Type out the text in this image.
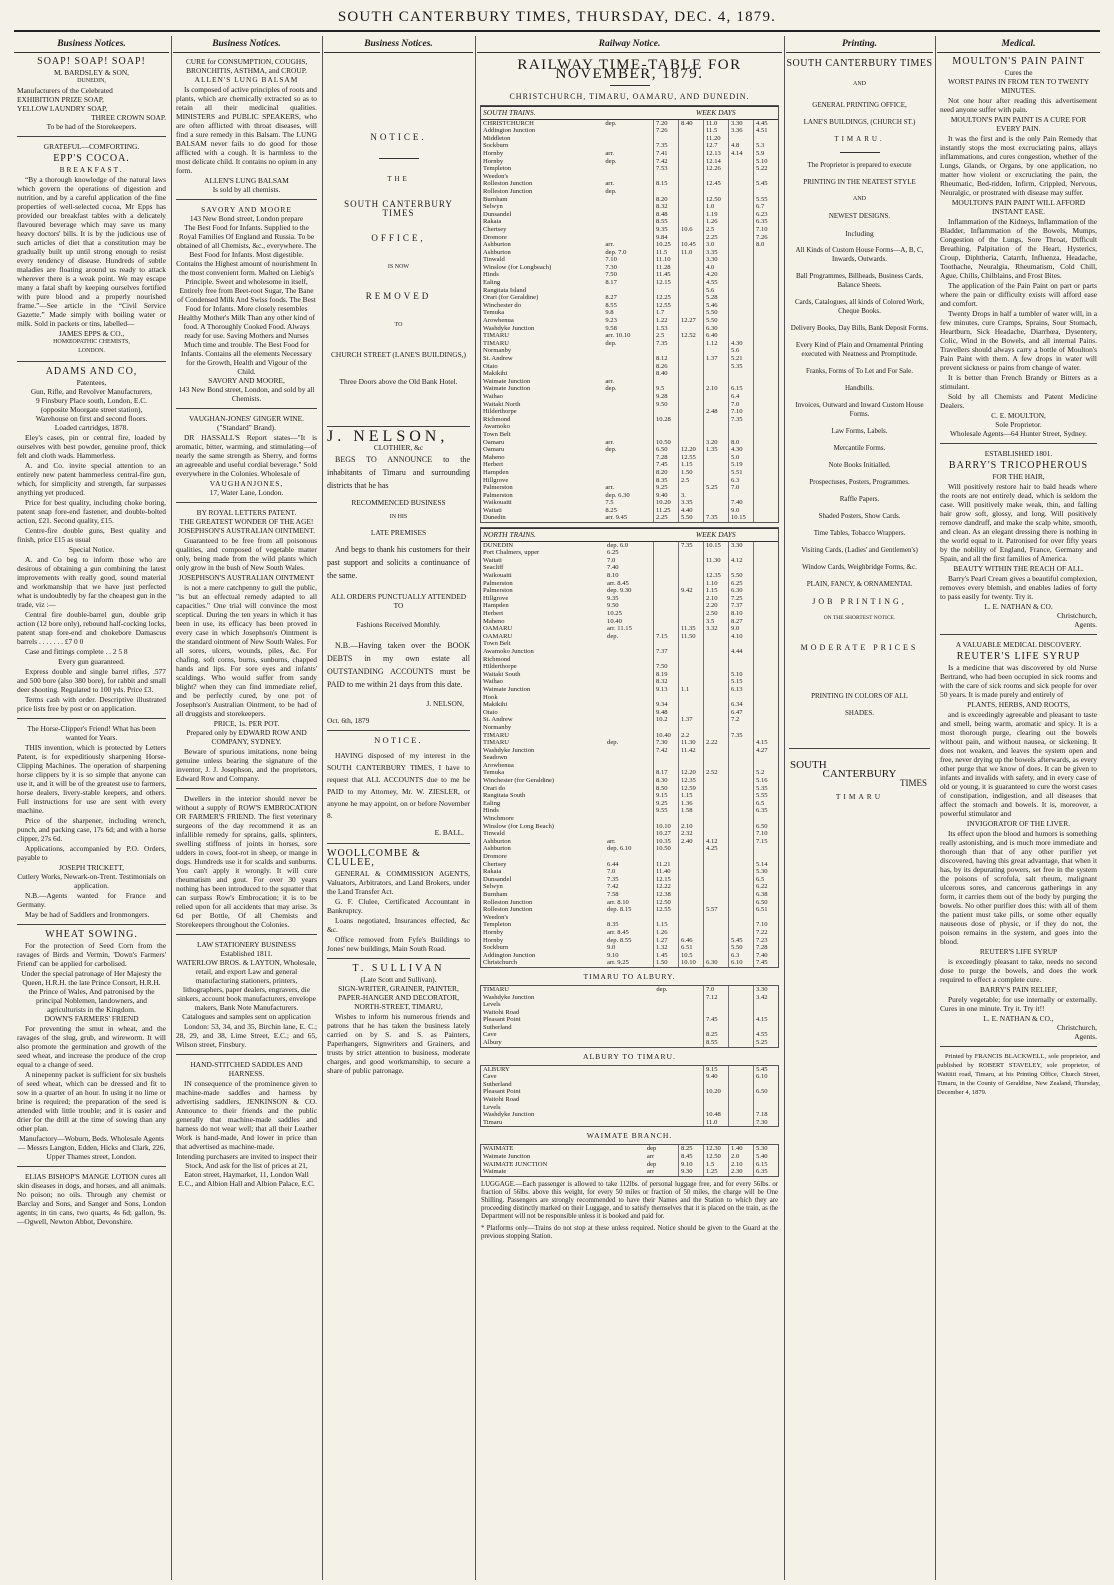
SOUTH CANTERBURY TIMES, THURSDAY, DEC. 4, 1879.
Business Notices.
SOAP! SOAP! SOAP!
M. BARDSLEY & SON,
DUNEDIN,
Manufacturers of the Celebrated
EXHIBITION PRIZE SOAP,
YELLOW LAUNDRY SOAP,
THREE CROWN SOAP.
To be had of the Storekeepers.
GRATEFUL—COMFORTING.
EPP'S COCOA.
BREAKFAST.
“By a thorough knowledge of the natural laws which govern the operations of digestion and nutrition, and by a careful application of the fine properties of well-selected cocoa, Mr Epps has provided our breakfast tables with a delicately flavoured beverage which may save us many heavy doctors' bills. It is by the judicious use of such articles of diet that a constitution may be gradually built up until strong enough to resist every tendency of disease. Hundreds of subtle maladies are floating around us ready to attack wherever there is a weak point. We may escape many a fatal shaft by keeping ourselves fortified with pure blood and a properly nourished frame.”—See article in the “Civil Service Gazette.” Made simply with boiling water or milk. Sold in packets or tins, labelled—
JAMES EPPS & CO.,
HOMŒOPATHIC CHEMISTS,
LONDON.
ADAMS AND CO,
Patentees,
Gun, Rifle, and Revolver Manufacturers,
9 Finsbury Place south, London, E.C.
(opposite Moorgate street station),
Warehouse on first and second floors.
Loaded cartridges, 1878.
Eley's cases, pin or central fire, loaded by ourselves with best powder, genuine proof, thick felt and cloth wads. Hammerless.
A. and Co. invite special attention to an entirely new patent hammerless central-fire gun, which, for simplicity and strength, far surpasses anything yet produced.
Price for best quality, including choke boring, patent snap fore-end fastener, and double-bolted action, £21. Second quality, £15.
Centre-fire double guns, Best quality and finish, price £15 as usual
Special Notice.
A. and Co beg to inform those who are desirous of obtaining a gun combining the latest improvements with really good, sound material and workmanship that we have just perfected what is undoubtedly by far the cheapest gun in the trade, viz :—
Central fire double-barrel gun, double grip action (12 bore only), rebound half-cocking locks, patent snap fore-end and chokebore Damascus barrels . . . . . . . £7 0 0
Case and fittings complete . . 2 5 8
Every gun guaranteed.
Express double and single barrel rifles, .577 and 500 bore (also 380 bore), for rabbit and small deer shooting. Regulated to 100 yds. Price £3.
Terms cash with order. Descriptive illustrated price lists free by post or on application.
The Horse-Clipper's Friend! What has been wanted for Years.
THIS invention, which is protected by Letters Patent, is for expeditiously sharpening Horse-Clipping Machines. The operation of sharpening horse clippers by it is so simple that anyone can use it, and it will be of the greatest use to farmers, horse dealers, livery-stable keepers, and others. Full instructions for use are sent with every machine.
Price of the sharpener, including wrench, punch, and packing case, 17s 6d; and with a horse clipper, 27s 6d.
Applications, accompanied by P.O. Orders, payable to
JOSEPH TRICKETT,
Cutlery Works, Newark-on-Trent. Testimonials on application.
N.B.—Agents wanted for France and Germany.
May be had of Saddlers and Ironmongers.
WHEAT SOWING.
For the protection of Seed Corn from the ravages of Birds and Vermin, 'Down's Farmers' Friend' can be applied for carbolised.
Under the special patronage of Her Majesty the Queen, H.R.H. the late Prince Consort, H.R.H. the Prince of Wales, And patronised by the principal Noblemen, landowners, and agriculturists in the Kingdom.
DOWN'S FARMERS' FRIEND
For preventing the smut in wheat, and the ravages of the slug, grub, and wireworm. It will also promote the germination and growth of the seed wheat, and increase the produce of the crop equal to a change of seed.
A ninepenny packet is sufficient for six bushels of seed wheat, which can be dressed and fit to sow in a quarter of an hour. In using it no lime or brine is required; the preparation of the seed is attended with little trouble; and it is easier and drier for the drill at the time of sowing than any other plan.
Manufactory—Woburn, Beds. Wholesale Agents— Messrs Langton, Edden, Hicks and Clark, 226, Upper Thames street, London.
ELIAS BISHOP'S MANGE LOTION cures all skin diseases in dogs, and horses, and all animals. No poison; no oils. Through any chemist or Barclay and Sons, and Sanger and Sons, London agents; in tin cans, two quarts, 4s 6d; gallon, 9s. —Ogwell, Newton Abbot, Devonshire.
Business Notices.
CURE for CONSUMPTION, COUGHS, BRONCHITIS, ASTHMA, and CROUP.
ALLEN'S LUNG BALSAM
Is composed of active principles of roots and plants, which are chemically extracted so as to retain all their medicinal qualities. MINISTERS and PUBLIC SPEAKERS, who are often afflicted with throat diseases, will find a sure remedy in this Balsam. The LUNG BALSAM never fails to do good for those afflicted with a cough. It is harmless to the most delicate child. It contains no opium in any form.
ALLEN'S LUNG BALSAM
Is sold by all chemists.
SAVORY AND MOORE
143 New Bond street, London prepare
The Best Food for Infants. Supplied to the Royal Families Of England and Russia. To be obtained of all Chemists, &c., everywhere. The Best Food for Infants. Most digestible. Contains the Highest amount of nourishment In the most convenient form. Malted on Liebig's Principle. Sweet and wholesome in itself, Entirely free from Beet-root Sugar, The Bane of Condensed Milk And Swiss foods. The Best Food for Infants. More closely resembles Healthy Mother's Milk Than any other kind of food. A Thoroughly Cooked Food. Always ready for use. Saving Mothers and Nurses Much time and trouble. The Best Food for Infants. Contains all the elements Necessary for the Growth, Health and Vigour of the Child.
SAVORY AND MOORE,
143 New Bond street, London, and sold by all Chemists.
VAUGHAN-JONES' GINGER WINE.
("Standard" Brand).
DR HASSALL'S Report states—"It is aromatic, bitter, warming, and stimulating—of nearly the same strength as Sherry, and forms an agreeable and useful cordial beverage." Sold everywhere in the Colonies. Wholesale of
VAUGHANJONES,
17, Water Lane, London.
BY ROYAL LETTERS PATENT.
THE GREATEST WONDER OF THE AGE!
JOSEPHSON'S AUSTRALIAN OINTMENT.
Guaranteed to be free from all poisonous qualities, and composed of vegetable matter only, being made from the wild plants which only grow in the bush of New South Wales.
JOSEPHSON'S AUSTRALIAN OINTMENT
is not a mere catchpenny to gull the public, "is but an effectual remedy adapted to all capacities." One trial will convince the most sceptical. During the ten years in which it has been in use, its efficacy has been proved in every case in which Josephson's Ointment is the standard ointment of New South Wales. For all sores, ulcers, wounds, piles, &c. For chafing, soft corns, burns, sunburns, chapped hands and lips. For sore eyes and infants' scaldings. Who would suffer from sandy blight? when they can find immediate relief, and be perfectly cured, by one pot of Josephson's Australian Ointment, to be had of all druggists and storekeepers.
PRICE, 1s. PER POT.
Prepared only by EDWARD ROW AND COMPANY, SYDNEY.
Beware of spurious imitations, none being genuine unless bearing the signature of the inventor, J. J. Josephson, and the proprietors, Edward Row and Company.
Dwellers in the interior should never be without a supply of ROW'S EMBROCATION OR FARMER'S FRIEND. The first veterinary surgeons of the day recommend it as an infallible remedy for sprains, galls, splinters, swelling stiffness of joints in horses, sore udders in cows, foot-rot in sheep, or mange in dogs. Hundreds use it for scalds and sunburns. You can't apply it wrongly. It will cure rheumatism and gout. For over 30 years nothing has been introduced to the squatter that can surpass Row's Embrocation; it is to be relied upon for all accidents that may arise. 3s 6d per Bottle, Of all Chemists and Storekeepers throughout the Colonies.
LAW STATIONERY BUSINESS
Established 1811.
WATERLOW BROS. & LAYTON, Wholesale, retail, and export Law and general manufacturing stationers, printers, lithographers, paper dealers, engravers, die sinkers, account book manufacturers, envelope makers, Bank Note Manufacturers.
Catalogues and samples sent on application
London: 53, 34, and 35, Birchin lane, E. C.; 28, 29, and 38, Lime Street, E.C.; and 65, Wilson street, Finsbury.
HAND-STITCHED SADDLES AND HARNESS.
IN consequence of the prominence given to machine-made saddles and harness by advertising saddlers, JENKINSON & CO. Announce to their friends and the public generally that machine-made saddles and harness do not wear well; that all their Leather Work is hand-made, And lower in price than that advertised as machine-made.
Intending purchasers are invited to inspect their Stock, And ask for the list of prices at 21, Eaton street, Haymarket, 11, London Wall E.C., and Albion Hall and Albion Palace, E.C.
Business Notices.
NOTICE.
THE
SOUTH CANTERBURY TIMES
OFFICE,
IS NOW
REMOVED
TO
CHURCH STREET (LANE'S BUILDINGS,)
Three Doors above the Old Bank Hotel.
J. NELSON,
CLOTHIER, &c
BEGS TO ANNOUNCE to the inhabitants of Timaru and surrounding districts that he has
RECOMMENCED BUSINESS
IN HIS
LATE PREMISES
And begs to thank his customers for their past support and solicits a continuance of the same.
ALL ORDERS PUNCTUALLY ATTENDED TO
Fashions Received Monthly.
N.B.—Having taken over the BOOK DEBTS in my own estate all OUTSTANDING ACCOUNTS must be PAID to me within 21 days from this date.
J. NELSON,
Oct. 6th, 1879
NOTICE.
HAVING disposed of my interest in the SOUTH CANTERBURY TIMES, I have to request that ALL ACCOUNTS due to me be PAID to my Attorney, Mr. W. ZIESLER, or anyone he may appoint, on or before November 8.
E. BALL.
WOOLLCOMBE & CLULEE,
GENERAL & COMMISSION AGENTS, Valuators, Arbitrators, and Land Brokers, under the Land Transfer Act.
G. F. Clulee, Certificated Accountant in Bankruptcy.
Loans negotiated, Insurances effected, &c &c.
Office removed from Fyfe's Buildings to Jones' new buildings, Main South Road.
T. SULLIVAN
(Late Scott and Sullivan).
SIGN-WRITER, GRAINER, PAINTER, PAPER-HANGER AND DECORATOR, NORTH-STREET, TIMARU,
Wishes to inform his numerous friends and patrons that he has taken the business lately carried on by S. and S. as Painters, Paperhangers, Signwriters and Grainers, and trusts by strict attention to business, moderate charges, and good workmanship, to secure a share of public patronage.
Railway Notice.
RAILWAY TIME-TABLE FOR NOVEMBER, 1879.
CHRISTCHURCH, TIMARU, OAMARU, AND DUNEDIN.
SOUTH TRAINS.		WEEK DAYS				
CHRISTCHURCH	dep.	7.20	8.40	11.0	3.30	4.45
Addington Junction		7.26		11.5	3.36	4.51
Middleton				11.20		
Sockburn		7.35		12.7	4.8	5.3
Hornby	arr.	7.41		12.13	4.14	5.9
Hornby	dep.	7.42		12.14		5.10
Templeton		7.53		12.26		5.22
Weedon's						
Rolleston Junction	arr.	8.15		12.45		5.45
Rolleston Junction	dep.					
Burnham		8.20		12.50		5.55
Selwyn		8.32		1.0		6.7
Dunsandel		8.48		1.19		6.23
Rakaia		8.55		1.26		6.35
Chertsey		9.35	10.6	2.5		7.10
Dromore		9.84		2.25		7.26
Ashburton	arr.	10.25	10.45	3.0		8.0
Ashburton	dep. 7.0	11.5	11.0	3.35		
Tinwald	7.10	11.10		3.30		
Winslow (for Longbeach)	7.30	11.28		4.0		
Hinds	7.50	11.45		4.20		
Ealing	8.17	12.15		4.55		
Rangitata Island				5.6		
Orari (for Geraldine)	8.27	12.25		5.28		
Winchester do	8.55	12.55		5.46		
Temuka	9.8	1.7		5.50		
Arowhenua	9.23	1.22	12.27	5.50		
Washdyke Junction	9.58	1.53		6.30		
TIMARU	arr. 10.10	2.5	12.52	6.40		
TIMARU	dep.	7.35		1.12	4.30	
Normanby					5.6	
St. Andrew		8.12		1.37	5.21	
Otaio		8.26			5.35	
Makikihi		8.40				
Waimate Junction	arr.					
Waimate Junction	dep.	9.5		2.10	6.15	
Waihao		9.28			6.4	
Waitaki North		9.50			7.0	
Hilderthorpe				2.48	7.10	
Richmond		10.28			7.35	
Awamoko						
Town Belt						
Oamaru	arr.	10.50		3.20	8.0	
Oamaru	dep.	6.50	12.20	1.35	4.30	
Maheno		7.28	12.55		5.0	
Herbert		7.45	1.15		5.19	
Hampden		8.20	1.50		5.51	
Hillgrove		8.35	2.5		6.3	
Palmerston	arr.	9.25		5.25	7.0	
Palmerston	dep. 6.30	9.40	3.			
Waikouaiti	7.5	10.20	3.35		7.40	
Waitati	8.25	11.25	4.40		9.0	
Dunedin	arr. 9.45	2.25	5.50	7.35	10.15	
NORTH TRAINS.		WEEK DAYS				
DUNEDIN	dep. 6.0		7.35	10.15	3.30	
Port Chalmers, upper	6.25					
Waitati	7.0			11.30	4.12	
Seacliff	7.40					
Waikouaiti	8.10			12.35	5.50	
Palmerston	arr. 8.45			1.10	6.25	
Palmerston	dep. 9.30		9.42	1.15	6.30	
Hillgrove	9.35			2.10	7.25	
Hampden	9.50			2.20	7.37	
Herbert	10.25			2.50	8.10	
Maheno	10.40			3.5	8.27	
OAMARU	arr. 11.15		11.35	3.32	9.0	
OAMARU	dep.	7.15	11.50		4.10	
Town Belt						
Awamoko Junction		7.37			4.44	
Richmond						
Hilderthorpe		7.50				
Waitaki South		8.19			5.10	
Waihao		8.32			5.15	
Waimate Junction		9.13	1.1		6.13	
Hook						
Makikihi		9.34			6.34	
Otaio		9.48			6.47	
St. Andrew		10.2	1.37		7.2	
Normanby						
TIMARU		10.40	2.2		7.35	
TIMARU	dep.	7.30	11.30	2.22		4.15
Washdyke Junction		7.42	11.42			4.27
Seadown						
Arowhenua						
Temuka		8.17	12.20	2.52		5.2
Winchester (for Geraldine)		8.30	12.35			5.16
Orari do		8.50	12.59			5.35
Rangitata South		9.15	1.15			5.55
Ealing		9.25	1.36			6.5
Hinds		9.55	1.58			6.35
Winchmore						
Winslow (for Long Beach)		10.10	2.10			6.50
Tinwald		10.27	2.32			7.10
Ashburton	arr.	10.35	2.40	4.12		7.15
Ashburton	dep. 6.10	10.50		4.25		
Dromore						
Chertsey	6.44	11.21				5.14
Rakaia	7.0	11.40				5.30
Dunsandel	7.35	12.15				6.5
Selwyn	7.42	12.22				6.22
Burnham	7.58	12.38				6.38
Rolleston Junction	arr. 8.10	12.50				6.50
Rolleston Junction	dep. 8.15	12.55		5.57		6.51
Weedon's						
Templeton	8.35	1.15				7.10
Hornby	arr. 8.45	1.26				7.22
Hornby	dep. 8.55	1.27	6.46		5.45	7.23
Sockburn	9.0	1.32	6.51		5.50	7.28
Addington Junction	9.10	1.45	10.5		6.3	7.40
Christchurch	arr. 9.25	1.50	10.10	6.30	6.10	7.45
TIMARU TO ALBURY.
TIMARU	dep.	7.0		3.30
Washdyke Junction		7.12		3.42
Levels				
Waitohi Road				
Pleasant Point		7.45		4.15
Sutherland				
Cave		8.25		4.55
Albury		8.55		5.25
ALBURY TO TIMARU.
ALBURY		9.15		5.45
Cave		9.40		6.10
Sutherland				
Pleasant Point		10.20		6.50
Waitohi Road				
Levels				
Washdyke Junction		10.48		7.18
Timaru		11.0		7.30
WAIMATE BRANCH.
WAIMATE	dep	8.25	12.30	1.40	5.30
Waimate Junction	arr	8.45	12.50	2.0	5.40
WAIMATE JUNCTION	dep	9.10	1.5	2.10	6.15
Waimate	arr	9.30	1.25	2.30	6.35
LUGGAGE.—Each passenger is allowed to take 112lbs. of personal luggage free, and for every 56lbs. or fraction of 56lbs. above this weight, for every 50 miles or fraction of 50 miles, the charge will be One Shilling. Passengers are strongly recommended to have their Names and the Station to which they are proceeding distinctly marked on their Luggage, and to satisfy themselves that it is placed on the train, as the Department will not be responsible unless it is booked and paid for.
* Platforms only—Trains do not stop at these unless required. Notice should be given to the Guard at the previous stopping Station.
Printing.
SOUTH CANTERBURY TIMES
AND
GENERAL PRINTING OFFICE,
LANE'S BUILDINGS, (CHURCH ST.)
TIMARU.
The Proprietor is prepared to execute
PRINTING IN THE NEATEST STYLE
AND
NEWEST DESIGNS.
Including
All Kinds of Custom House Forms—A, B, C, Inwards, Outwards.
Ball Programmes, Billheads, Business Cards, Balance Sheets.
Cards, Catalogues, all kinds of Colored Work, Cheque Books.
Delivery Books, Day Bills, Bank Deposit Forms.
Every Kind of Plain and Ornamental Printing executed with Neatness and Promptitude.
Franks, Forms of To Let and For Sale.
Handbills.
Invoices, Outward and Inward Custom House Forms.
Law Forms, Labels.
Mercantile Forms.
Note Books Initialled.
Prospectuses, Posters, Programmes.
Raffle Papers.
Shaded Posters, Show Cards.
Time Tables, Tobacco Wrappers.
Visiting Cards, (Ladies' and Gentlemen's)
Window Cards, Weighbridge Forms, &c.
PLAIN, FANCY, & ORNAMENTAL
JOB PRINTING,
ON THE SHORTEST NOTICE.
MODERATE PRICES
PRINTING IN COLORS OF ALL
SHADES.
SOUTH
CANTERBURY
TIMES
TIMARU
Medical.
MOULTON'S PAIN PAINT
Cures the
WORST PAINS IN FROM TEN TO TWENTY MINUTES.
Not one hour after reading this advertisement need anyone suffer with pain.
MOULTON'S PAIN PAINT IS A CURE FOR EVERY PAIN.
It was the first and is the only Pain Remedy that instantly stops the most excruciating pains, allays inflammations, and cures congestion, whether of the Lungs, Glands, or Organs, by one application, no matter how violent or excruciating the pain, the Rheumatic, Bed-ridden, Infirm, Crippled, Nervous, Neuralgic, or prostrated with disease may suffer.
MOULTON'S PAIN PAINT WILL AFFORD INSTANT EASE.
Inflammation of the Kidneys, Inflammation of the Bladder, Inflammation of the Bowels, Mumps, Congestion of the Lungs, Sore Throat, Difficult Breathing, Palpitation of the Heart, Hysterics, Croup, Diphtheria, Catarrh, Influenza, Headache, Toothache, Neuralgia, Rheumatism, Cold Chill, Ague, Chills, Chilblains, and Frost Bites.
The application of the Pain Paint on part or parts where the pain or difficulty exists will afford ease and comfort.
Twenty Drops in half a tumbler of water will, in a few minutes, cure Cramps, Sprains, Sour Stomach, Heartburn, Sick Headache, Diarrhœa, Dysentery, Colic, Wind in the Bowels, and all internal Pains. Travellers should always carry a bottle of Moulton's Pain Paint with them. A few drops in water will prevent sickness or pains from change of water.
It is better than French Brandy or Bitters as a stimulant.
Sold by all Chemists and Patent Medicine Dealers.
C. E. MOULTON,
Sole Proprietor.
Wholesale Agents—64 Hunter Street, Sydney.
ESTABLISHED 1801.
BARRY'S TRICOPHEROUS
FOR THE HAIR,
Will positively restore hair to bald heads where the roots are not entirely dead, which is seldom the case. Will positively make weak, thin, and falling hair grow soft, glossy, and long. Will positively remove dandruff, and make the scalp white, smooth, and clean. As an elegant dressing there is nothing in the world equal to it. Patronised for over fifty years by the nobility of England, France, Germany and Spain, and all the first families of America.
BEAUTY WITHIN THE REACH OF ALL.
Barry's Pearl Cream gives a beautiful complexion, removes every blemish, and enables ladies of forty to pass easily for twenty. Try it.
L. E. NATHAN & CO.
Christchurch,
Agents.
A VALUABLE MEDICAL DISCOVERY.
REUTER'S LIFE SYRUP
Is a medicine that was discovered by old Nurse Bertrand, who had been occupied in sick rooms and with the care of sick rooms and sick people for over 50 years. It is made purely and entirely of
PLANTS, HERBS, AND ROOTS,
and is exceedingly agreeable and pleasant to taste and smell, being warm, aromatic and spicy. It is a most thorough purge, clearing out the bowels without pain, and without nausea, or sickening. It does not weaken, and leaves the system open and free, never drying up the bowels afterwards, as every other purge that we know of does. It can be given to infants and invalids with safety, and in every case of old or young, it is guaranteed to cure the worst cases of constipation, indigestion, and all diseases that affect the stomach and bowels. It is, moreover, a powerful stimulator and
INVIGORATOR OF THE LIVER.
Its effect upon the blood and humors is something really astonishing, and is much more immediate and thorough than that of any other purifier yet discovered, having this great advantage, that when it has, by its depurating powers, set free in the system the poisons of scrofula, salt rheum, malignant ulcerous sores, and cancerous gatherings in any form, it carries them out of the body by purging the bowels. No other purifier does this: with all of them the patient must take pills, or some other equally nauseous dose of physic, or if they do not, the poison remains in the system, and goes into the blood.
REUTER'S LIFE SYRUP
is exceedingly pleasant to take, needs no second dose to purge the bowels, and does the work required to effect a complete cure.
BARRY'S PAIN RELIEF,
Purely vegetable; for use internally or externally. Cures in one minute. Try it. Try it!!
L. E. NATHAN & CO.,
Christchurch,
Agents.
Printed by FRANCIS BLACKWELL, sole proprietor, and published by ROBERT STAVELEY, sole proprietor, of Waitiiti road, Timaru, at his Printing Office, Church Street, Timaru, in the County of Geraldine, New Zealand, Thursday, December 4, 1879.
